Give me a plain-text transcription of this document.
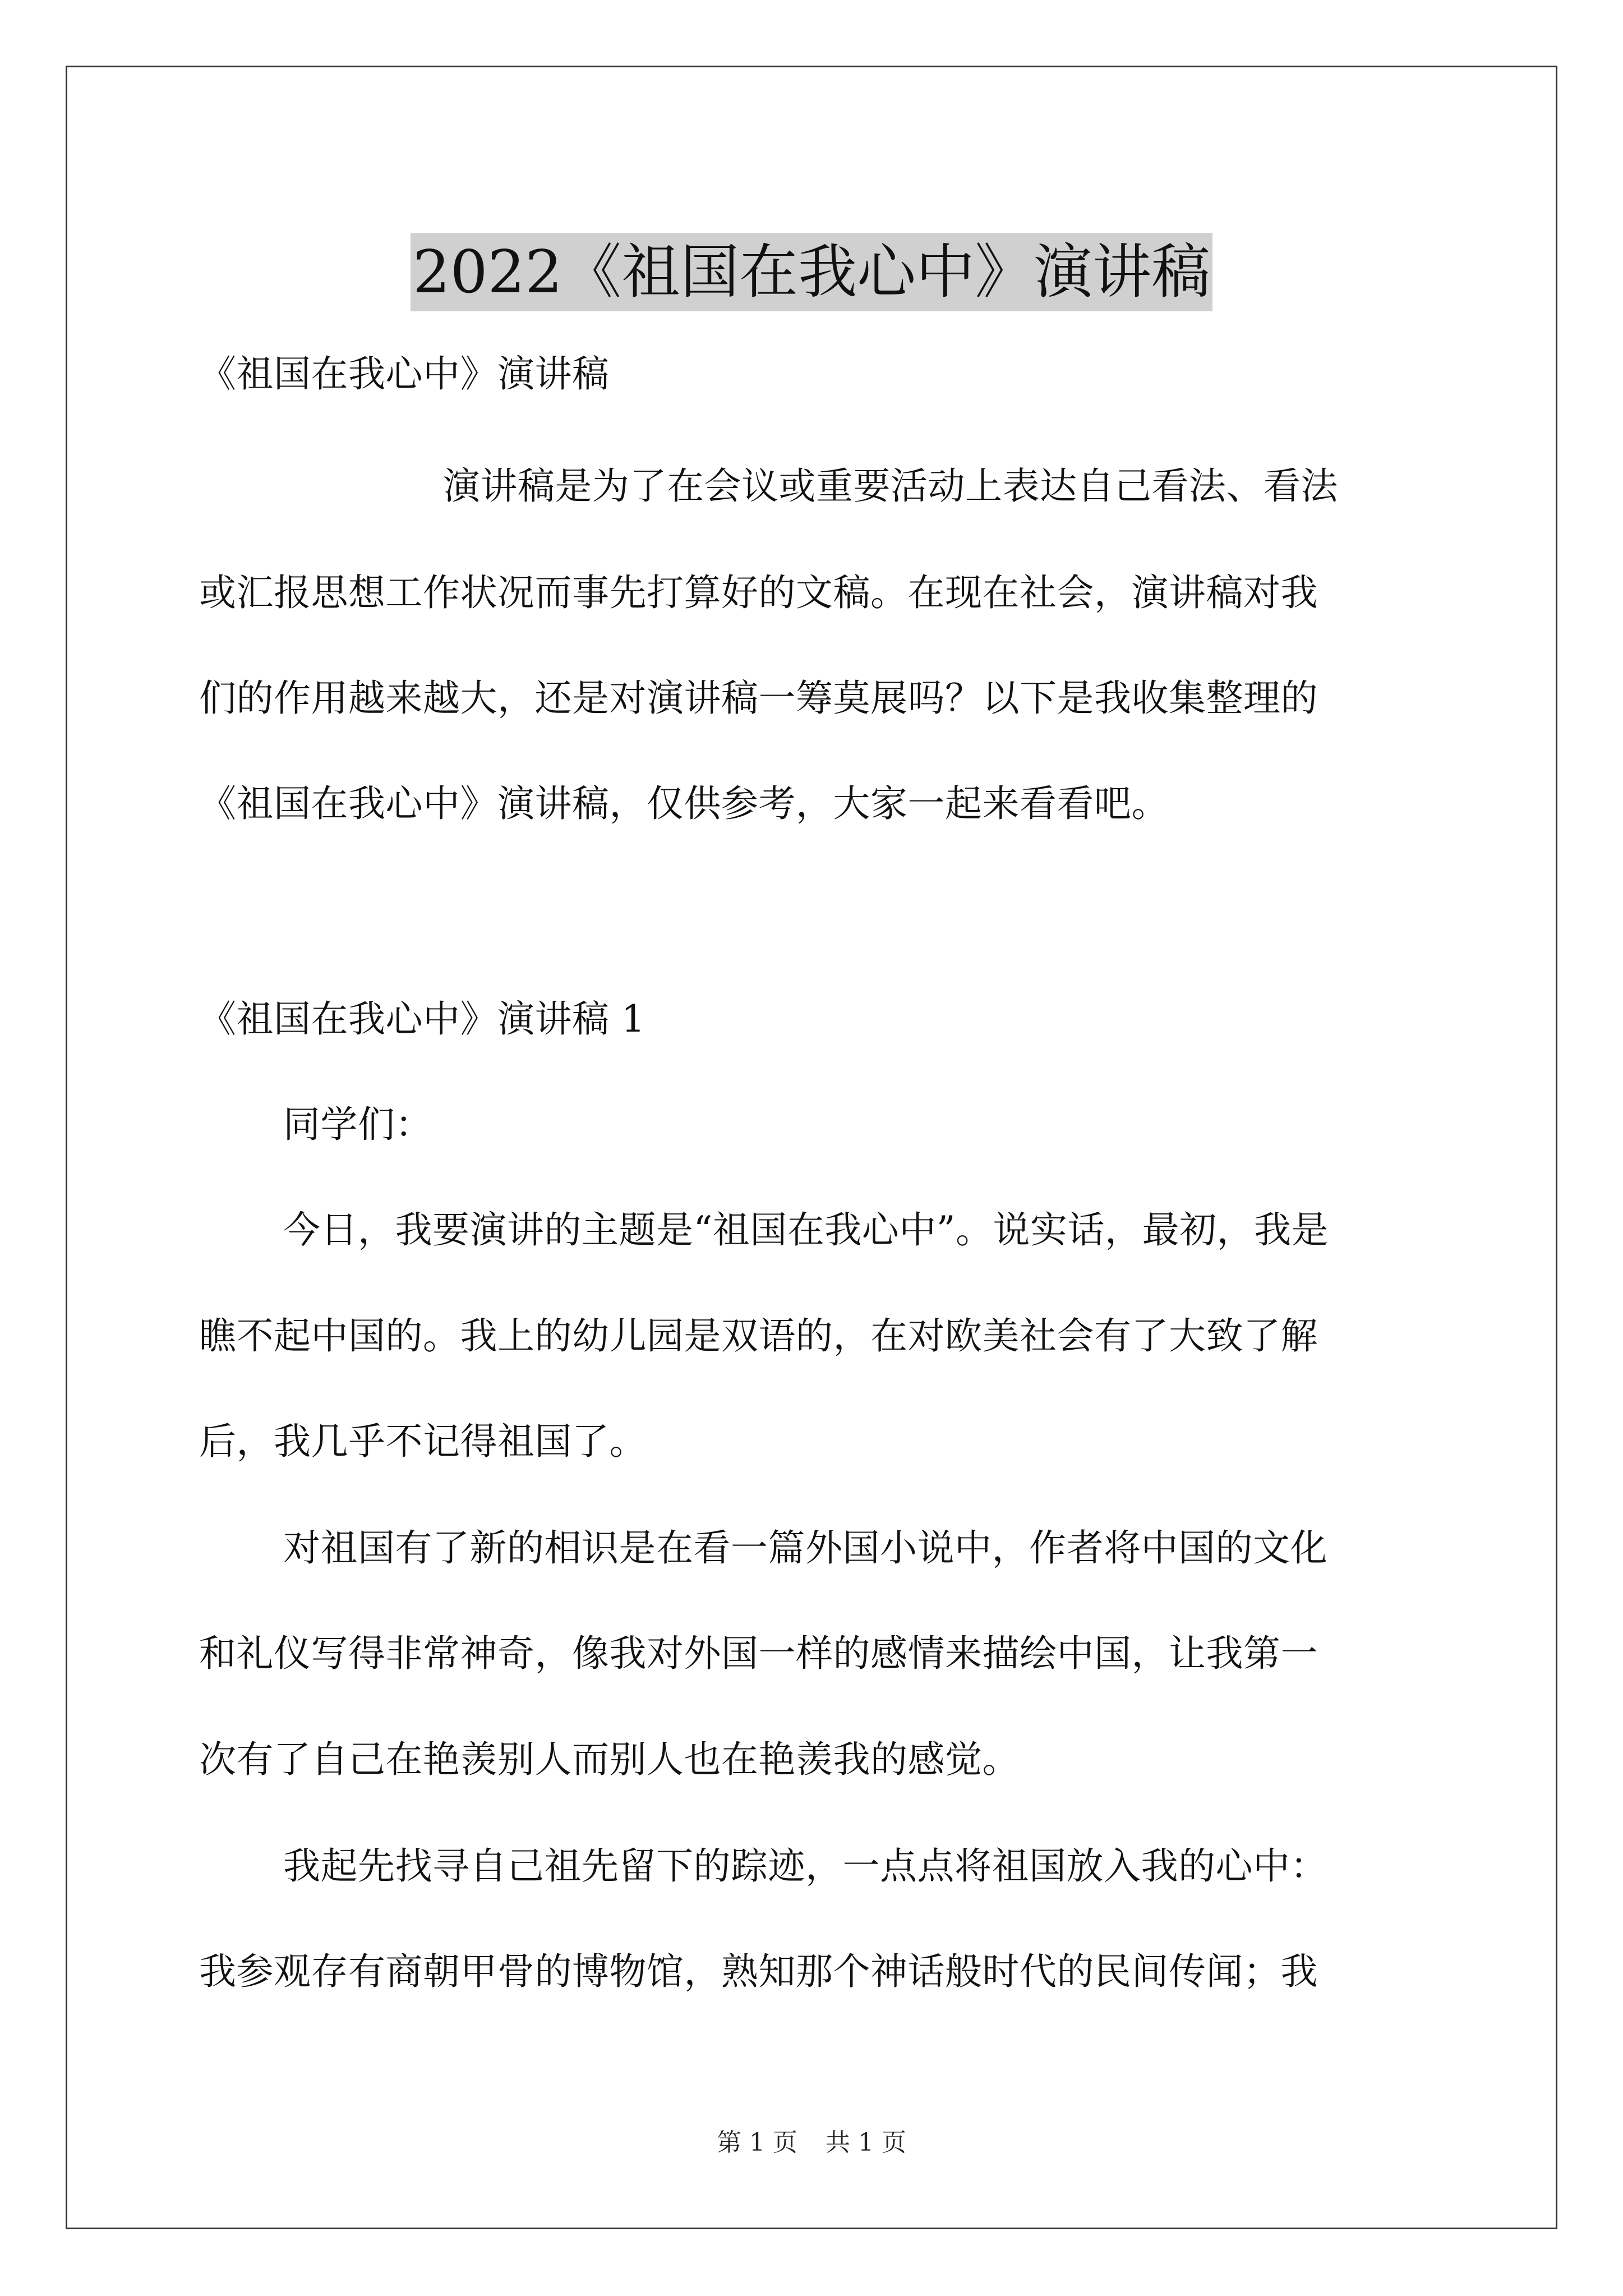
2022《祖国在我心中》演讲稿
《祖国在我心中》演讲稿
演讲稿是为了在会议或重要活动上表达自己看法、看法
或汇报思想工作状况而事先打算好的文稿。在现在社会，演讲稿对我
们的作用越来越大，还是对演讲稿一筹莫展吗？以下是我收集整理的
《祖国在我心中》演讲稿，仅供参考，大家一起来看看吧。
《祖国在我心中》演讲稿 1
同学们：
今日，我要演讲的主题是“祖国在我心中”。说实话，最初，我是
瞧不起中国的。我上的幼儿园是双语的，在对欧美社会有了大致了解
后，我几乎不记得祖国了。
对祖国有了新的相识是在看一篇外国小说中，作者将中国的文化
和礼仪写得非常神奇，像我对外国一样的感情来描绘中国，让我第一
次有了自己在艳羡别人而别人也在艳羡我的感觉。
我起先找寻自己祖先留下的踪迹，一点点将祖国放入我的心中：
我参观存有商朝甲骨的博物馆，熟知那个神话般时代的民间传闻；我
第 1 页 共 1 页
